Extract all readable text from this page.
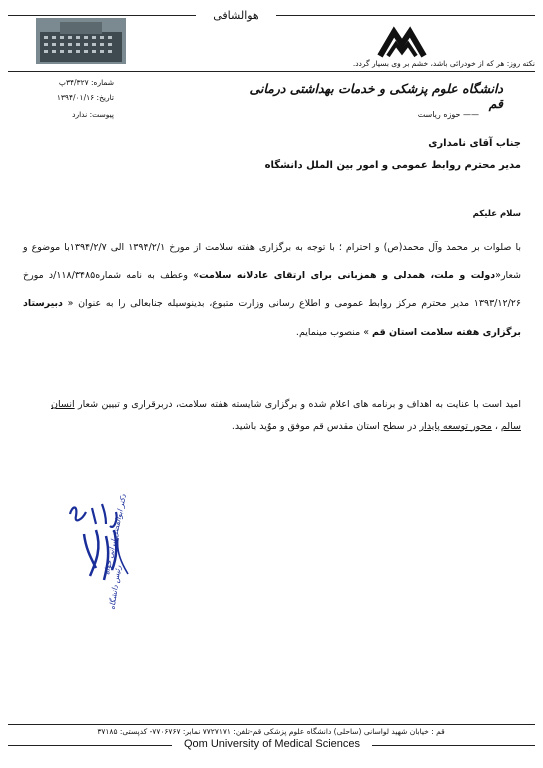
هوالشافی
نکته روز: هر که از خودرائی باشد، خشم بر وی بسیار گردد.
دانشگاه علوم پزشکی و خدمات بهداشتی درمانی قم
—— حوزه ریاست
شماره: ۳۴/۳۲۷پ
تاریخ: ۱۳۹۴/۰۱/۱۶
پیوست: ندارد
جناب آقای نامداری
مدیر محترم روابط عمومی و امور بین الملل دانشگاه
سلام علیکم
با صلوات بر محمد وآل محمد(ص) و احترام ؛ با توجه به برگزاری هفته سلامت از مورخ ۱۳۹۴/۲/۱ الی ۱۳۹۴/۲/۷با موضوع و شعار«دولت و ملت، همدلی و همزبانی برای ارتقای عادلانه سلامت» وعطف به نامه شماره۱۱۸/۳۴۸۵/د مورخ ۱۳۹۳/۱۲/۲۶ مدیر محترم مرکز روابط عمومی و اطلاع رسانی وزارت متبوع، بدینوسیله جنابعالی را به عنوان « دبیرستاد برگزاری هفته سلامت استان قم » منصوب مینمایم.
امید است با عنایت به اهداف و برنامه های اعلام شده و برگزاری شایسته هفته سلامت، دربرقراری و تبیین شعار انسان سالم ، محور توسعه پایدار در سطح استان مقدس قم موفق و موٌید باشید.
دکتر ابوالفضل ایرانی خواه
رئیس دانشگاه
قم : خیابان شهید لواسانی (ساحلی) دانشگاه علوم پزشکی قم-تلفن: ۷۷۲۷۱۷۱ نمابر: ۷۷۰۶۷۶۷- کدپستی: ۳۷۱۸۵
Qom University of Medical Sciences
